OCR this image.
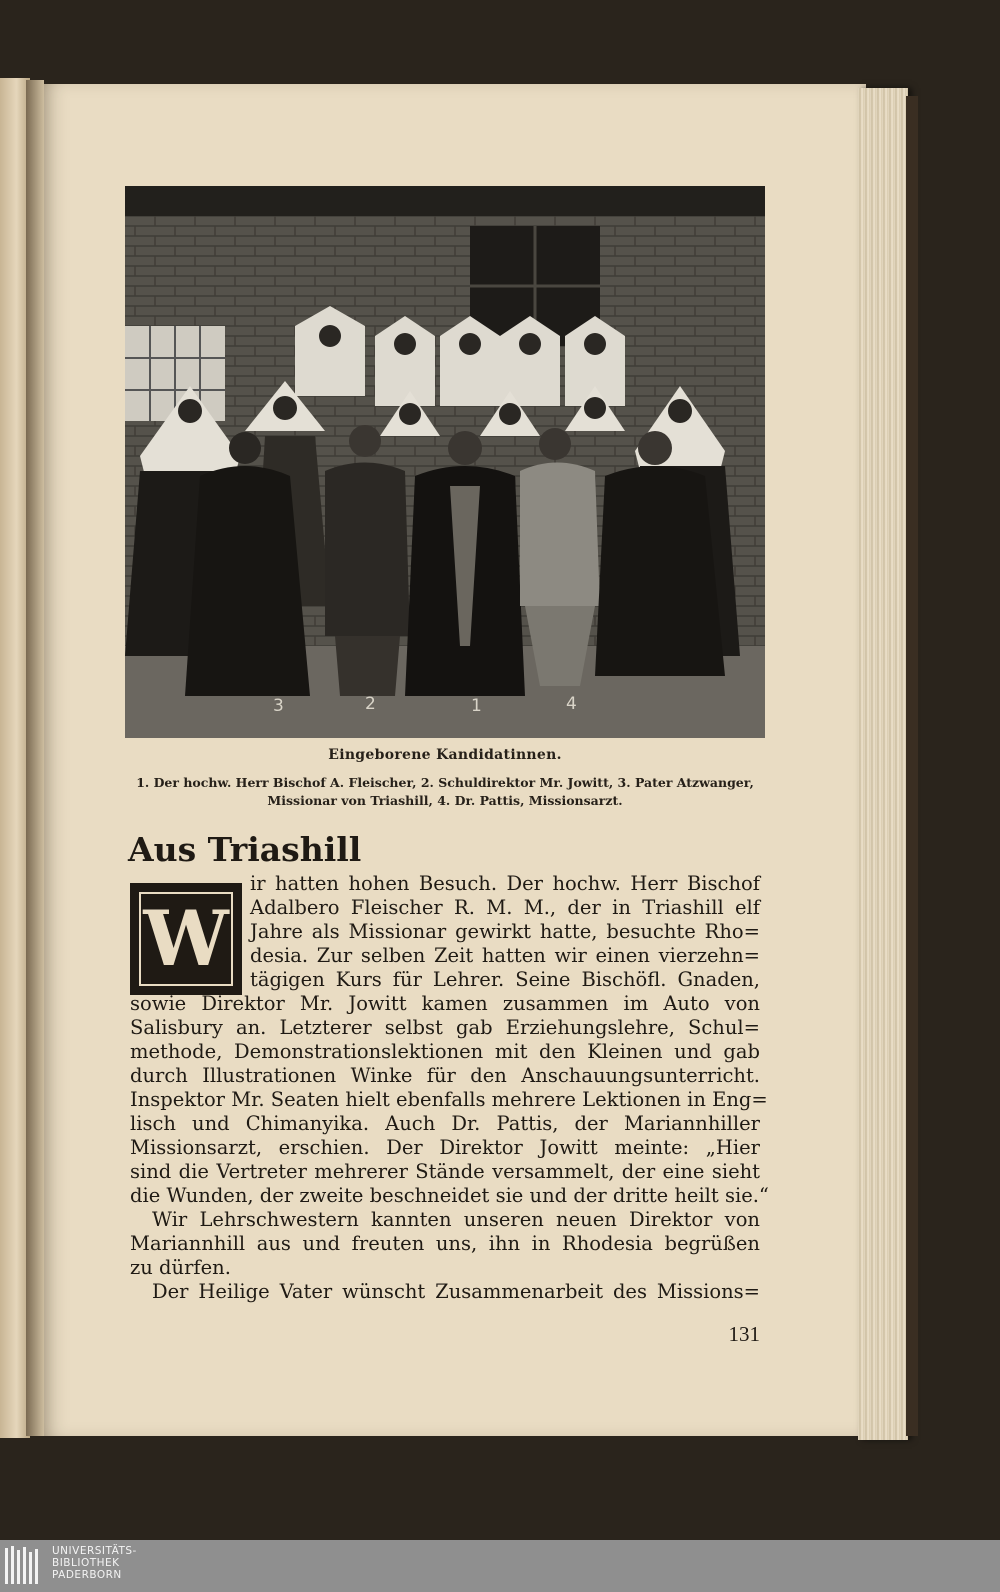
3	2	1	4
Eingeborene Kandidatinnen.
1. Der hochw. Herr Bischof A. Fleischer, 2. Schuldirektor Mr. Jowitt, 3. Pater Atzwanger,
Missionar von Triashill, 4. Dr. Pattis, Missionsarzt.
Aus Triashill
W
ir hatten hohen Besuch. Der hochw. Herr Bischof
Adalbero Fleischer R. M. M., der in Triashill elf
Jahre als Missionar gewirkt hatte, besuchte Rho=
desia. Zur selben Zeit hatten wir einen vierzehn=
tägigen Kurs für Lehrer. Seine Bischöfl. Gnaden,
sowie Direktor Mr. Jowitt kamen zusammen im Auto von
Salisbury an. Letzterer selbst gab Erziehungslehre, Schul=
methode, Demonstrationslektionen mit den Kleinen und gab
durch Illustrationen Winke für den Anschauungsunterricht.
Inspektor Mr. Seaten hielt ebenfalls mehrere Lektionen in Eng=
lisch und Chimanyika. Auch Dr. Pattis, der Mariannhiller
Missionsarzt, erschien. Der Direktor Jowitt meinte: „Hier
sind die Vertreter mehrerer Stände versammelt, der eine sieht
die Wunden, der zweite beschneidet sie und der dritte heilt sie.“
Wir Lehrschwestern kannten unseren neuen Direktor von
Mariannhill aus und freuten uns, ihn in Rhodesia begrüßen
zu dürfen.
Der Heilige Vater wünscht Zusammenarbeit des Missions=
131
UNIVERSITÄTS-
BIBLIOTHEK
PADERBORN
